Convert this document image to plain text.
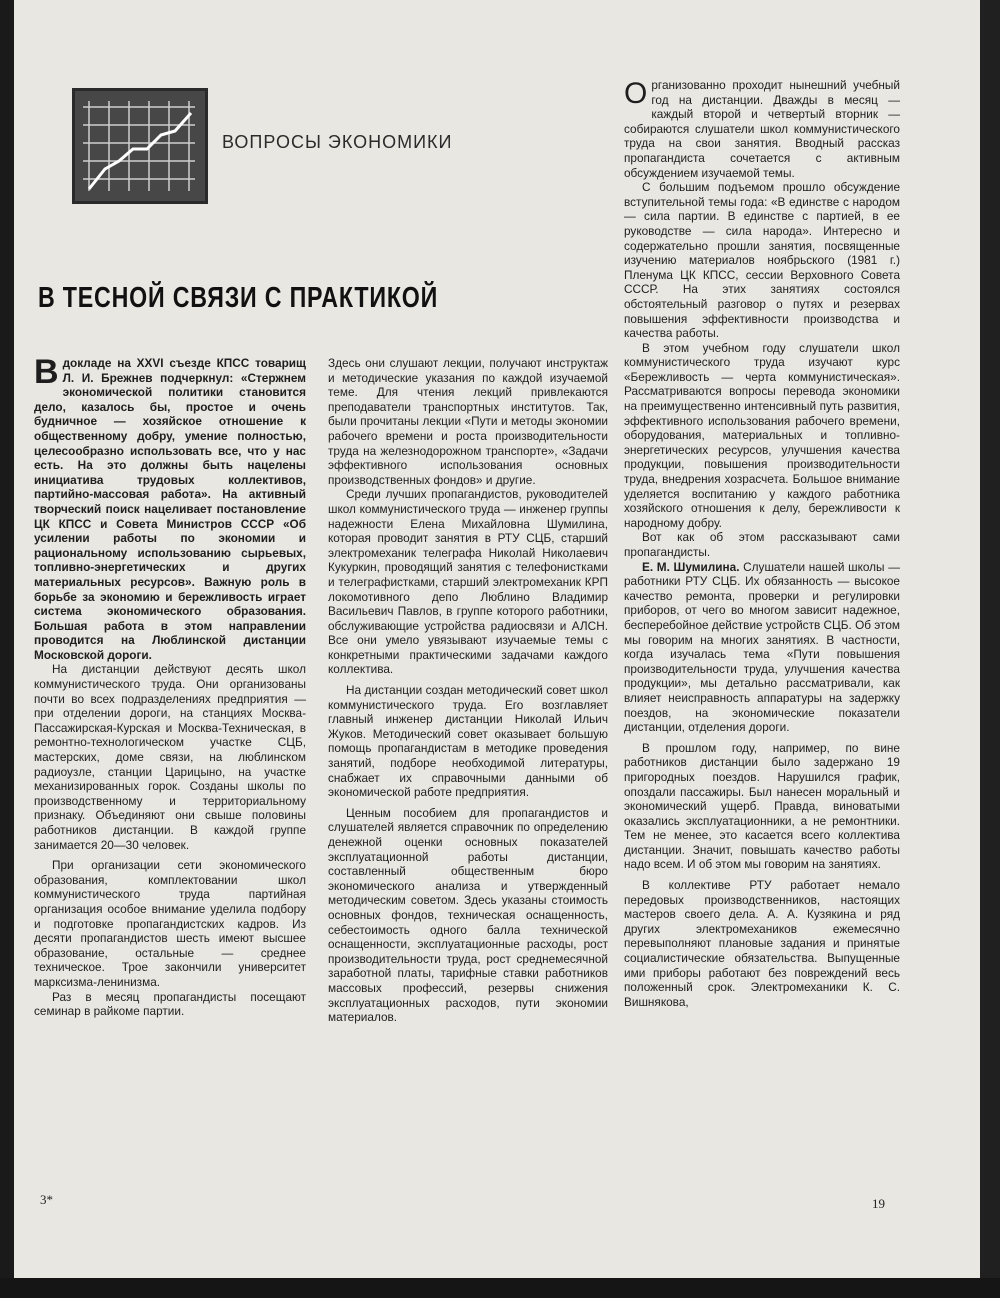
ВОПРОСЫ ЭКОНОМИКИ
В ТЕСНОЙ СВЯЗИ С ПРАКТИКОЙ

В докладе на XXVI съезде КПСС товарищ Л. И. Брежнев подчеркнул: «Стержнем экономической политики становится дело, казалось бы, простое и очень будничное — хозяйское отношение к общественному добру, умение полностью, целесообразно использовать все, что у нас есть. На это должны быть нацелены инициатива трудовых коллективов, партийно-массовая работа». На активный творческий поиск нацеливает постановление ЦК КПСС и Совета Министров СССР «Об усилении работы по экономии и рациональному использованию сырьевых, топливно-энергетических и других материальных ресурсов». Важную роль в борьбе за экономию и бережливость играет система экономического образования. Большая работа в этом направлении проводится на Люблинской дистанции Московской дороги.

На дистанции действуют десять школ коммунистического труда. Они организованы почти во всех подразделениях предприятия — при отделении дороги, на станциях Москва-Пассажирская-Курская и Москва-Техническая, в ремонтно-технологическом участке СЦБ, мастерских, доме связи, на люблинском радиоузле, станции Царицыно, на участке механизированных горок. Созданы школы по производственному и территориальному признаку. Объединяют они свыше половины работников дистанции. В каждой группе занимается 20—30 человек.

При организации сети экономического образования, комплектовании школ коммунистического труда партийная организация особое внимание уделила подбору и подготовке пропагандистских кадров. Из десяти пропагандистов шесть имеют высшее образование, остальные — среднее техническое. Трое закончили университет марксизма-ленинизма.

Раз в месяц пропагандисты посещают семинар в райкоме партии.

Здесь они слушают лекции, получают инструктаж и методические указания по каждой изучаемой теме. Для чтения лекций привлекаются преподаватели транспортных институтов. Так, были прочитаны лекции «Пути и методы экономии рабочего времени и роста производительности труда на железнодорожном транспорте», «Задачи эффективного использования основных производственных фондов» и другие.

Среди лучших пропагандистов, руководителей школ коммунистического труда — инженер группы надежности Елена Михайловна Шумилина, которая проводит занятия в РТУ СЦБ, старший электромеханик телеграфа Николай Николаевич Кукуркин, проводящий занятия с телефонистками и телеграфистками, старший электромеханик КРП локомотивного депо Люблино Владимир Васильевич Павлов, в группе которого работники, обслуживающие устройства радиосвязи и АЛСН. Все они умело увязывают изучаемые темы с конкретными практическими задачами каждого коллектива.

На дистанции создан методический совет школ коммунистического труда. Его возглавляет главный инженер дистанции Николай Ильич Жуков. Методический совет оказывает большую помощь пропагандистам в методике проведения занятий, подборе необходимой литературы, снабжает их справочными данными об экономической работе предприятия.

Ценным пособием для пропагандистов и слушателей является справочник по определению денежной оценки основных показателей эксплуатационной работы дистанции, составленный общественным бюро экономического анализа и утвержденный методическим советом. Здесь указаны стоимость основных фондов, техническая оснащенность, себестоимость одного балла технической оснащенности, эксплуатационные расходы, рост производительности труда, рост среднемесячной заработной платы, тарифные ставки работников массовых профессий, резервы снижения эксплуатационных расходов, пути экономии материалов.

Организованно проходит нынешний учебный год на дистанции. Дважды в месяц — каждый второй и четвертый вторник — собираются слушатели школ коммунистического труда на свои занятия. Вводный рассказ пропагандиста сочетается с активным обсуждением изучаемой темы.

С большим подъемом прошло обсуждение вступительной темы года: «В единстве с народом — сила партии. В единстве с партией, в ее руководстве — сила народа». Интересно и содержательно прошли занятия, посвященные изучению материалов ноябрьского (1981 г.) Пленума ЦК КПСС, сессии Верховного Совета СССР. На этих занятиях состоялся обстоятельный разговор о путях и резервах повышения эффективности производства и качества работы.

В этом учебном году слушатели школ коммунистического труда изучают курс «Бережливость — черта коммунистическая». Рассматриваются вопросы перевода экономики на преимущественно интенсивный путь развития, эффективного использования рабочего времени, оборудования, материальных и топливно-энергетических ресурсов, улучшения качества продукции, повышения производительности труда, внедрения хозрасчета. Большое внимание уделяется воспитанию у каждого работника хозяйского отношения к делу, бережливости к народному добру.

Вот как об этом рассказывают сами пропагандисты.

Е. М. Шумилина. Слушатели нашей школы — работники РТУ СЦБ. Их обязанность — высокое качество ремонта, проверки и регулировки приборов, от чего во многом зависит надежное, бесперебойное действие устройств СЦБ. Об этом мы говорим на многих занятиях. В частности, когда изучалась тема «Пути повышения производительности труда, улучшения качества продукции», мы детально рассматривали, как влияет неисправность аппаратуры на задержку поездов, на экономические показатели дистанции, отделения дороги.

В прошлом году, например, по вине работников дистанции было задержано 19 пригородных поездов. Нарушился график, опоздали пассажиры. Был нанесен моральный и экономический ущерб. Правда, виноватыми оказались эксплуатационники, а не ремонтники. Тем не менее, это касается всего коллектива дистанции. Значит, повышать качество работы надо всем. И об этом мы говорим на занятиях.

В коллективе РТУ работает немало передовых производственников, настоящих мастеров своего дела. А. А. Кузякина и ряд других электромехаников ежемесячно перевыполняют плановые задания и принятые социалистические обязательства. Выпущенные ими приборы работают без повреждений весь положенный срок. Электромеханики К. С. Вишнякова,

3*	19
